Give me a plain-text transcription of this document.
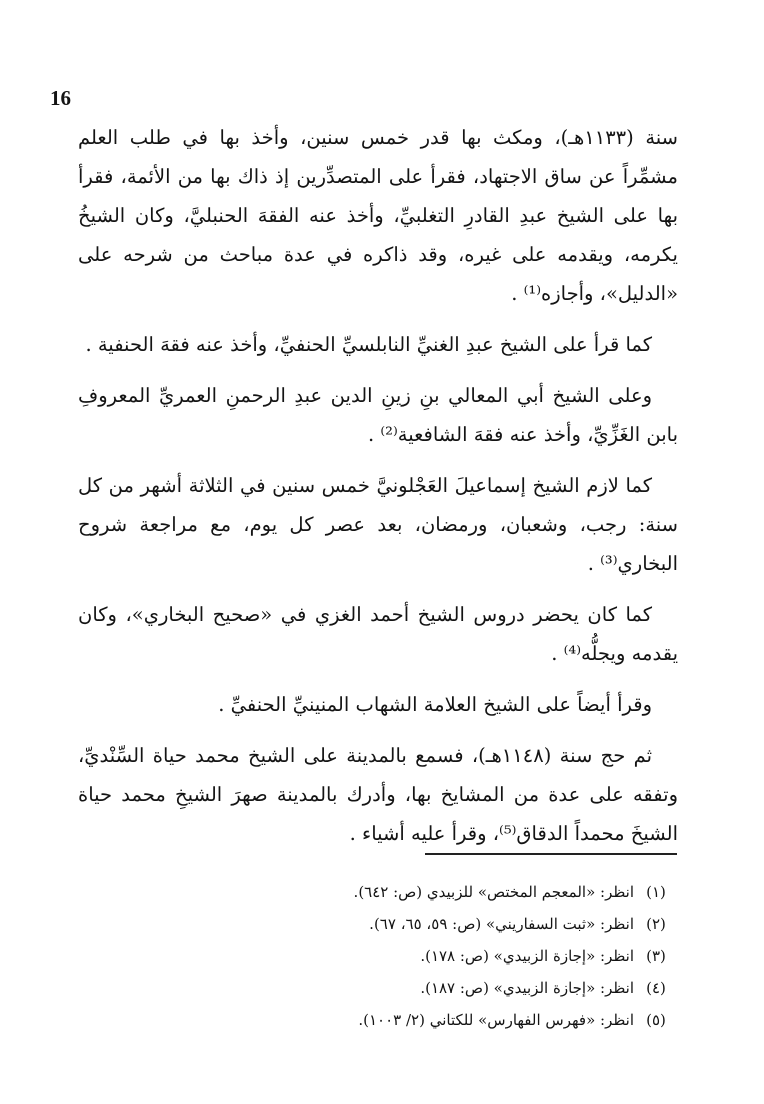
16

سنة (١١٣٣هـ)، ومكث بها قدر خمس سنين، وأخذ بها في طلب العلم مشمِّراً عن ساق الاجتهاد، فقرأ على المتصدِّرين إذ ذاك بها من الأئمة، فقرأ بها على الشيخ عبدِ القادرِ التغلبيِّ، وأخذ عنه الفقهَ الحنبليَّ، وكان الشيخُ يكرمه، ويقدمه على غيره، وقد ذاكره في عدة مباحث من شرحه على «الدليل»، وأجازه⁽¹⁾ .

كما قرأ على الشيخ عبدِ الغنيِّ النابلسيِّ الحنفيِّ، وأخذ عنه فقهَ الحنفية .

وعلى الشيخ أبي المعالي بنِ زينِ الدين عبدِ الرحمنِ العمريِّ المعروفِ بابن الغَزِّيِّ، وأخذ عنه فقهَ الشافعية⁽²⁾ .

كما لازم الشيخ إسماعيلَ العَجْلونيَّ خمس سنين في الثلاثة أشهر من كل سنة: رجب، وشعبان، ورمضان، بعد عصر كل يوم، مع مراجعة شروح البخاري⁽³⁾ .

كما كان يحضر دروس الشيخ أحمد الغزي في «صحيح البخاري»، وكان يقدمه ويجلُّه⁽⁴⁾ .

وقرأ أيضاً على الشيخ العلامة الشهاب المنينيِّ الحنفيِّ .

ثم حج سنة (١١٤٨هـ)، فسمع بالمدينة على الشيخ محمد حياة السِّنْديِّ، وتفقه على عدة من المشايخ بها، وأدرك بالمدينة صهرَ الشيخِ محمد حياة الشيخَ محمداً الدقاق⁽⁵⁾، وقرأ عليه أشياء .

(١)
انظر: «المعجم المختص» للزبيدي (ص: ٦٤٢).
(٢)
انظر: «ثبت السفاريني» (ص: ٥٩، ٦٥، ٦٧).
(٣)
انظر: «إجازة الزبيدي» (ص: ١٧٨).
(٤)
انظر: «إجازة الزبيدي» (ص: ١٨٧).
(٥)
انظر: «فهرس الفهارس» للكتاني (٢/ ١٠٠٣).
